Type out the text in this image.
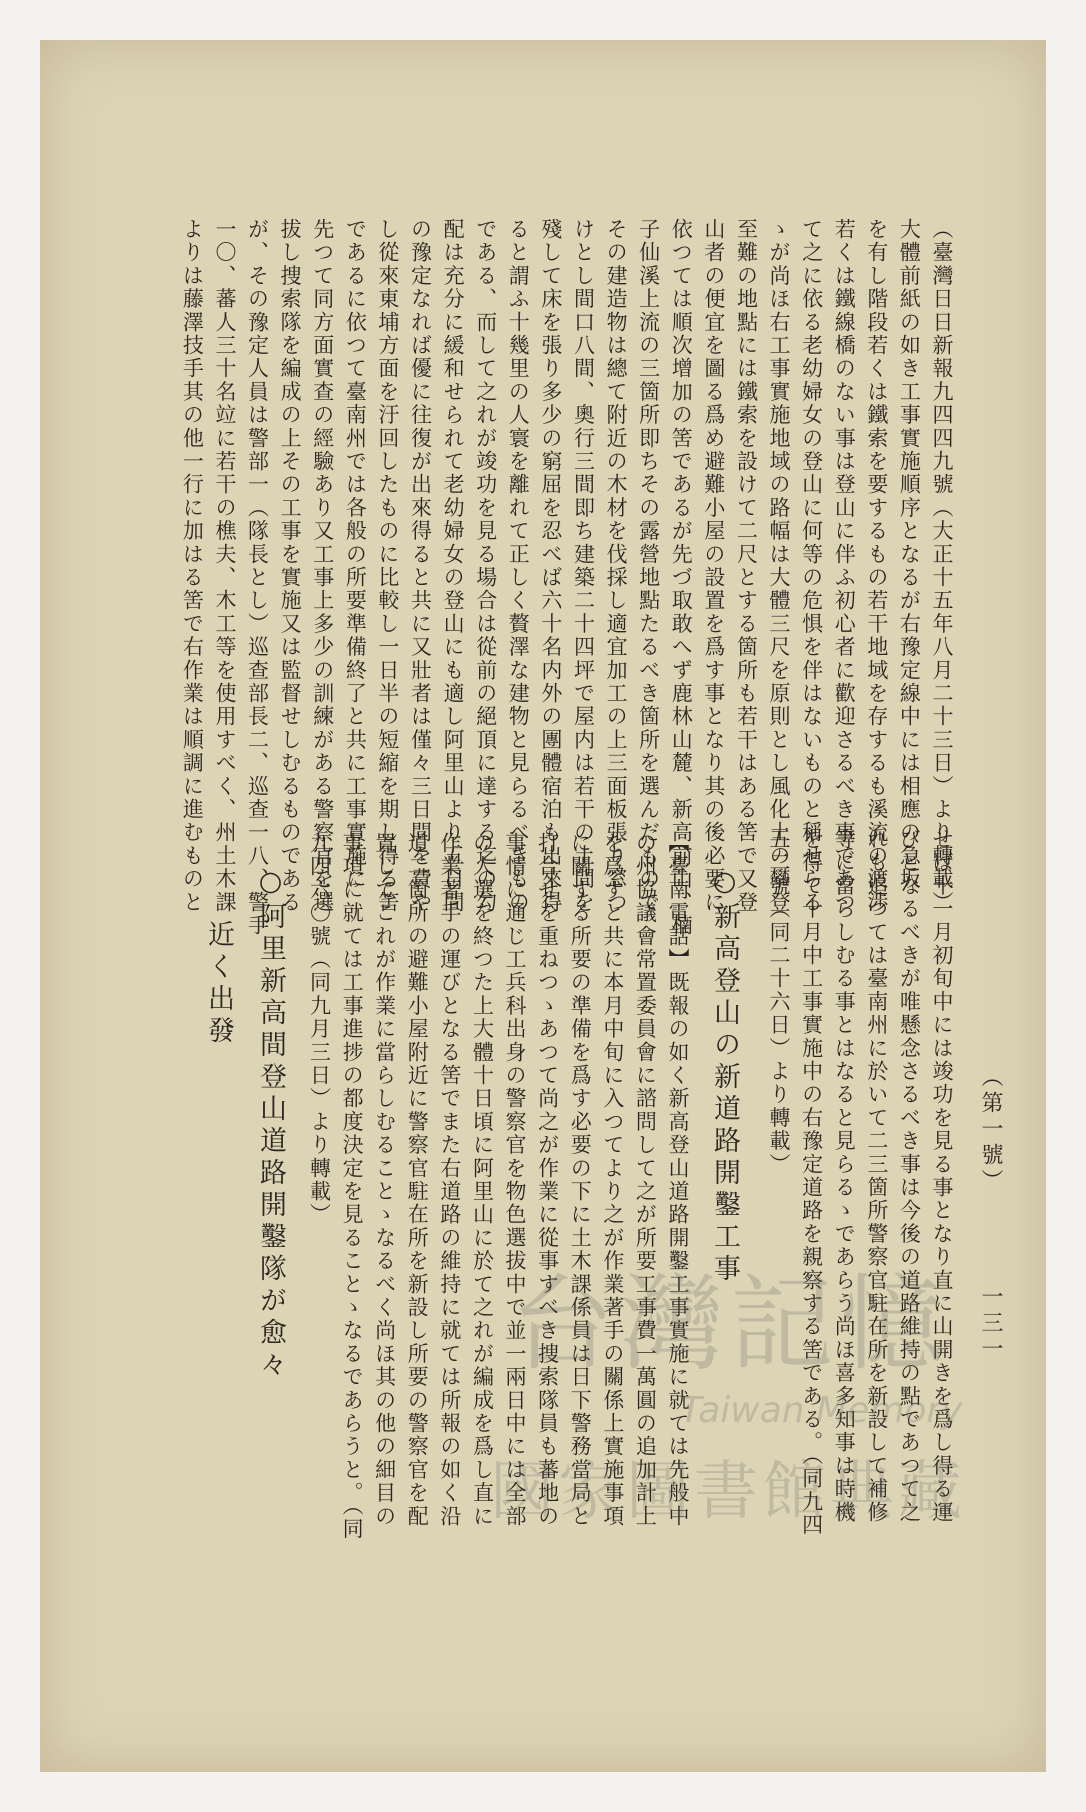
（第一號）
一三一
（臺灣日日新報九四四九號（大正十五年八月二十三日）より轉載）
大體前紙の如き工事實施順序となるが右豫定線中には相應の急坂
を有し階段若くは鐵索を要するもの若干地域を存するも溪流の渡渉
若くは鐵線橋のない事は登山に伴ふ初心者に歡迎さるべき事であつ
て之に依る老幼婦女の登山に何等の危惧を伴はないものと稱せらる
ゝが尚ほ右工事實施地域の路幅は大體三尺を原則とし風化土の攀登
至難の地點には鐵索を設けて二尺とする箇所も若干はある筈で又登
山者の便宜を圖る爲め避難小屋の設置を爲す事となり其の後必要に
依つては順次增加の筈であるが先づ取敢へず鹿林山麓、新高前山、楠
子仙溪上流の三箇所即ちその露營地點たるべき箇所を選んだもので
その建造物は總て附近の木材を伐採し適宜加工の上三面板張り窓つ
けとし間口八間、奧行三間即ち建築二十四坪で屋内は若干の土間を
殘して床を張り多少の窮屈を忍べば六十名内外の團體宿泊も出來得
ると謂ふ十幾里の人寰を離れて正しく贅澤な建物と見らるべきもの
である、而して之れが竣功を見る場合は從前の絕頂に達する迄の勾
配は充分に緩和せられて老幼婦女の登山にも適し阿里山より五日間
の豫定なれば優に往復が出來得ると共に又壯者は僅々三日間を費や
し從來東埔方面を汙回したものに比較し一日半の短縮を期し得る筈
であるに依つて臺南州では各般の所要準備終了と共に工事實施に
先つて同方面實查の經驗あり又工事上多少の訓練がある警察官を選
拔し捜索隊を編成の上その工事を實施又は監督せしむるものである
が、その豫定人員は警部一（隊長とし）巡查部長二、巡查一八、警手
一〇、蕃人三十名竝に若干の樵夫、木工等を使用すべく、州土木課
よりは藤澤技手其の他一行に加はる筈で右作業は順調に進むものと
せば十一月初旬中には竣功を見る事となり直に山開きを爲し得る運
びとなるべきが唯懸念さるべき事は今後の道路維持の點であつて之
れも追つては臺南州に於いて二三箇所警察官駐在所を新設して補修
等に當らしむる事とはなると見らるゝであらう尚ほ喜多知事は時機
を得て十月中工事實施中の右豫定道路を親察する筈である。（同九四
五二號（同二十六日）より轉載）
○新高登山の新道路開鑿工事
【臺南電話】既報の如く新高登山道路開鑿工事實施に就ては先般中
の州協議會常置委員會に諮問して之が所要工事費一萬圓の追加計上
を爲すと共に本月中旬に入つてより之が作業著手の關係上實施事項
に關する所要の準備を爲す必要の下に土木課係員は日下警務當局と
打合せを重ねつゝあつて尚之が作業に從事すべき捜索隊員も蕃地の
事情に通じ工兵科出身の警察官を物色選拔中で並一兩日中には全部
の人選を終つた上大體十日頃に阿里山に於て之れが編成を爲し直に
作業著手の運びとなる筈でまた右道路の維持に就ては所報の如く沿
道二箇所の避難小屋附近に警察官駐在所を新設し所要の警察官を配
置してこれが作業に當らしむることゝなるべく尚ほ其の他の細目の
事項に就ては工事進捗の都度決定を見ることゝなるであらうと。（同
九四六〇號（同九月三日）より轉載）
○阿里新高間登山道路開鑿隊が愈々
近く出發
台灣記憶
Taiwan Memory
國家圖書館典藏
